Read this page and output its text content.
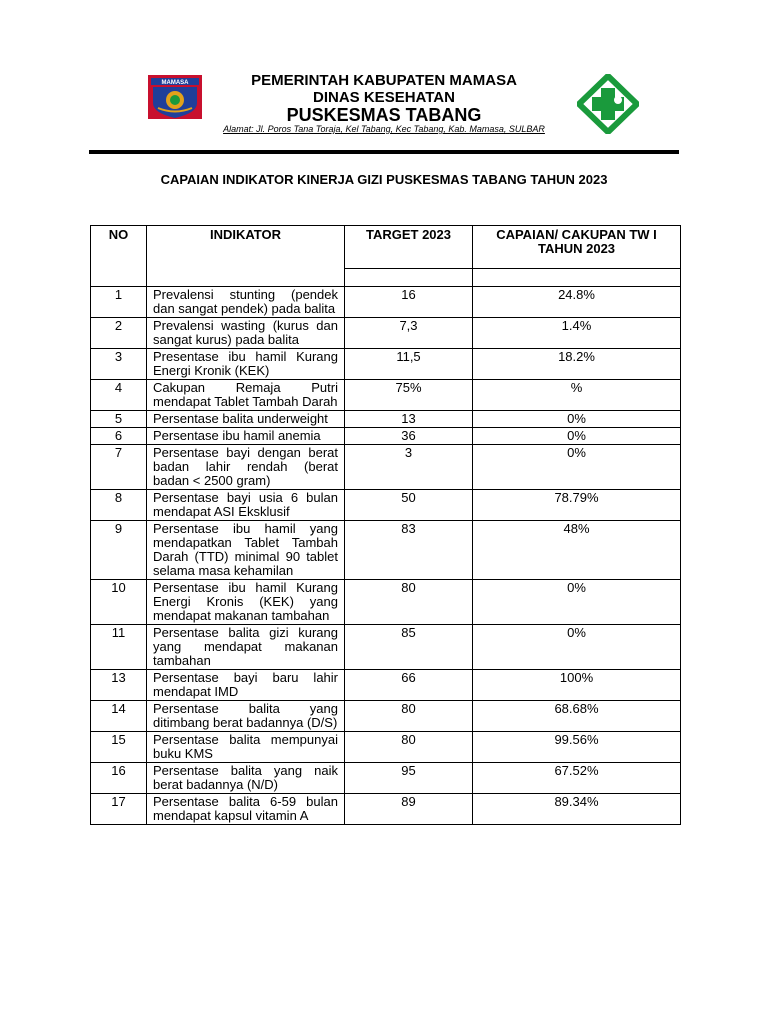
MAMASA	PEMERINTAH KABUPATEN MAMASA
DINAS KESEHATAN
PUSKESMAS TABANG
Alamat: Jl. Poros Tana Toraja, Kel Tabang, Kec Tabang, Kab. Mamasa, SULBAR
CAPAIAN INDIKATOR KINERJA GIZI PUSKESMAS TABANG TAHUN 2023
NO	INDIKATOR	TARGET 2023	CAPAIAN/ CAKUPAN TW I TAHUN 2023

1	Prevalensi stunting (pendek dan sangat pendek) pada balita	16	24.8%
2	Prevalensi wasting (kurus dan sangat kurus) pada balita	7,3	1.4%
3	Presentase ibu hamil Kurang Energi Kronik (KEK)	11,5	18.2%
4	Cakupan Remaja Putri mendapat Tablet Tambah Darah	75%	%
5	Persentase balita underweight	13	0%
6	Persentase ibu hamil anemia	36	0%
7	Persentase bayi dengan berat badan lahir rendah (berat badan < 2500 gram)	3	0%
8	Persentase bayi usia 6 bulan mendapat ASI Eksklusif	50	78.79%
9	Persentase ibu hamil yang mendapatkan Tablet Tambah Darah (TTD) minimal 90 tablet selama masa kehamilan	83	48%
10	Persentase ibu hamil Kurang Energi Kronis (KEK) yang mendapat makanan tambahan	80	0%
11	Persentase balita gizi kurang yang mendapat makanan tambahan	85	0%
13	Persentase bayi baru lahir mendapat IMD	66	100%
14	Persentase balita yang ditimbang berat badannya (D/S)	80	68.68%
15	Persentase balita mempunyai buku KMS	80	99.56%
16	Persentase balita yang naik berat badannya (N/D)	95	67.52%
17	Persentase balita 6-59 bulan mendapat kapsul vitamin A	89	89.34%
